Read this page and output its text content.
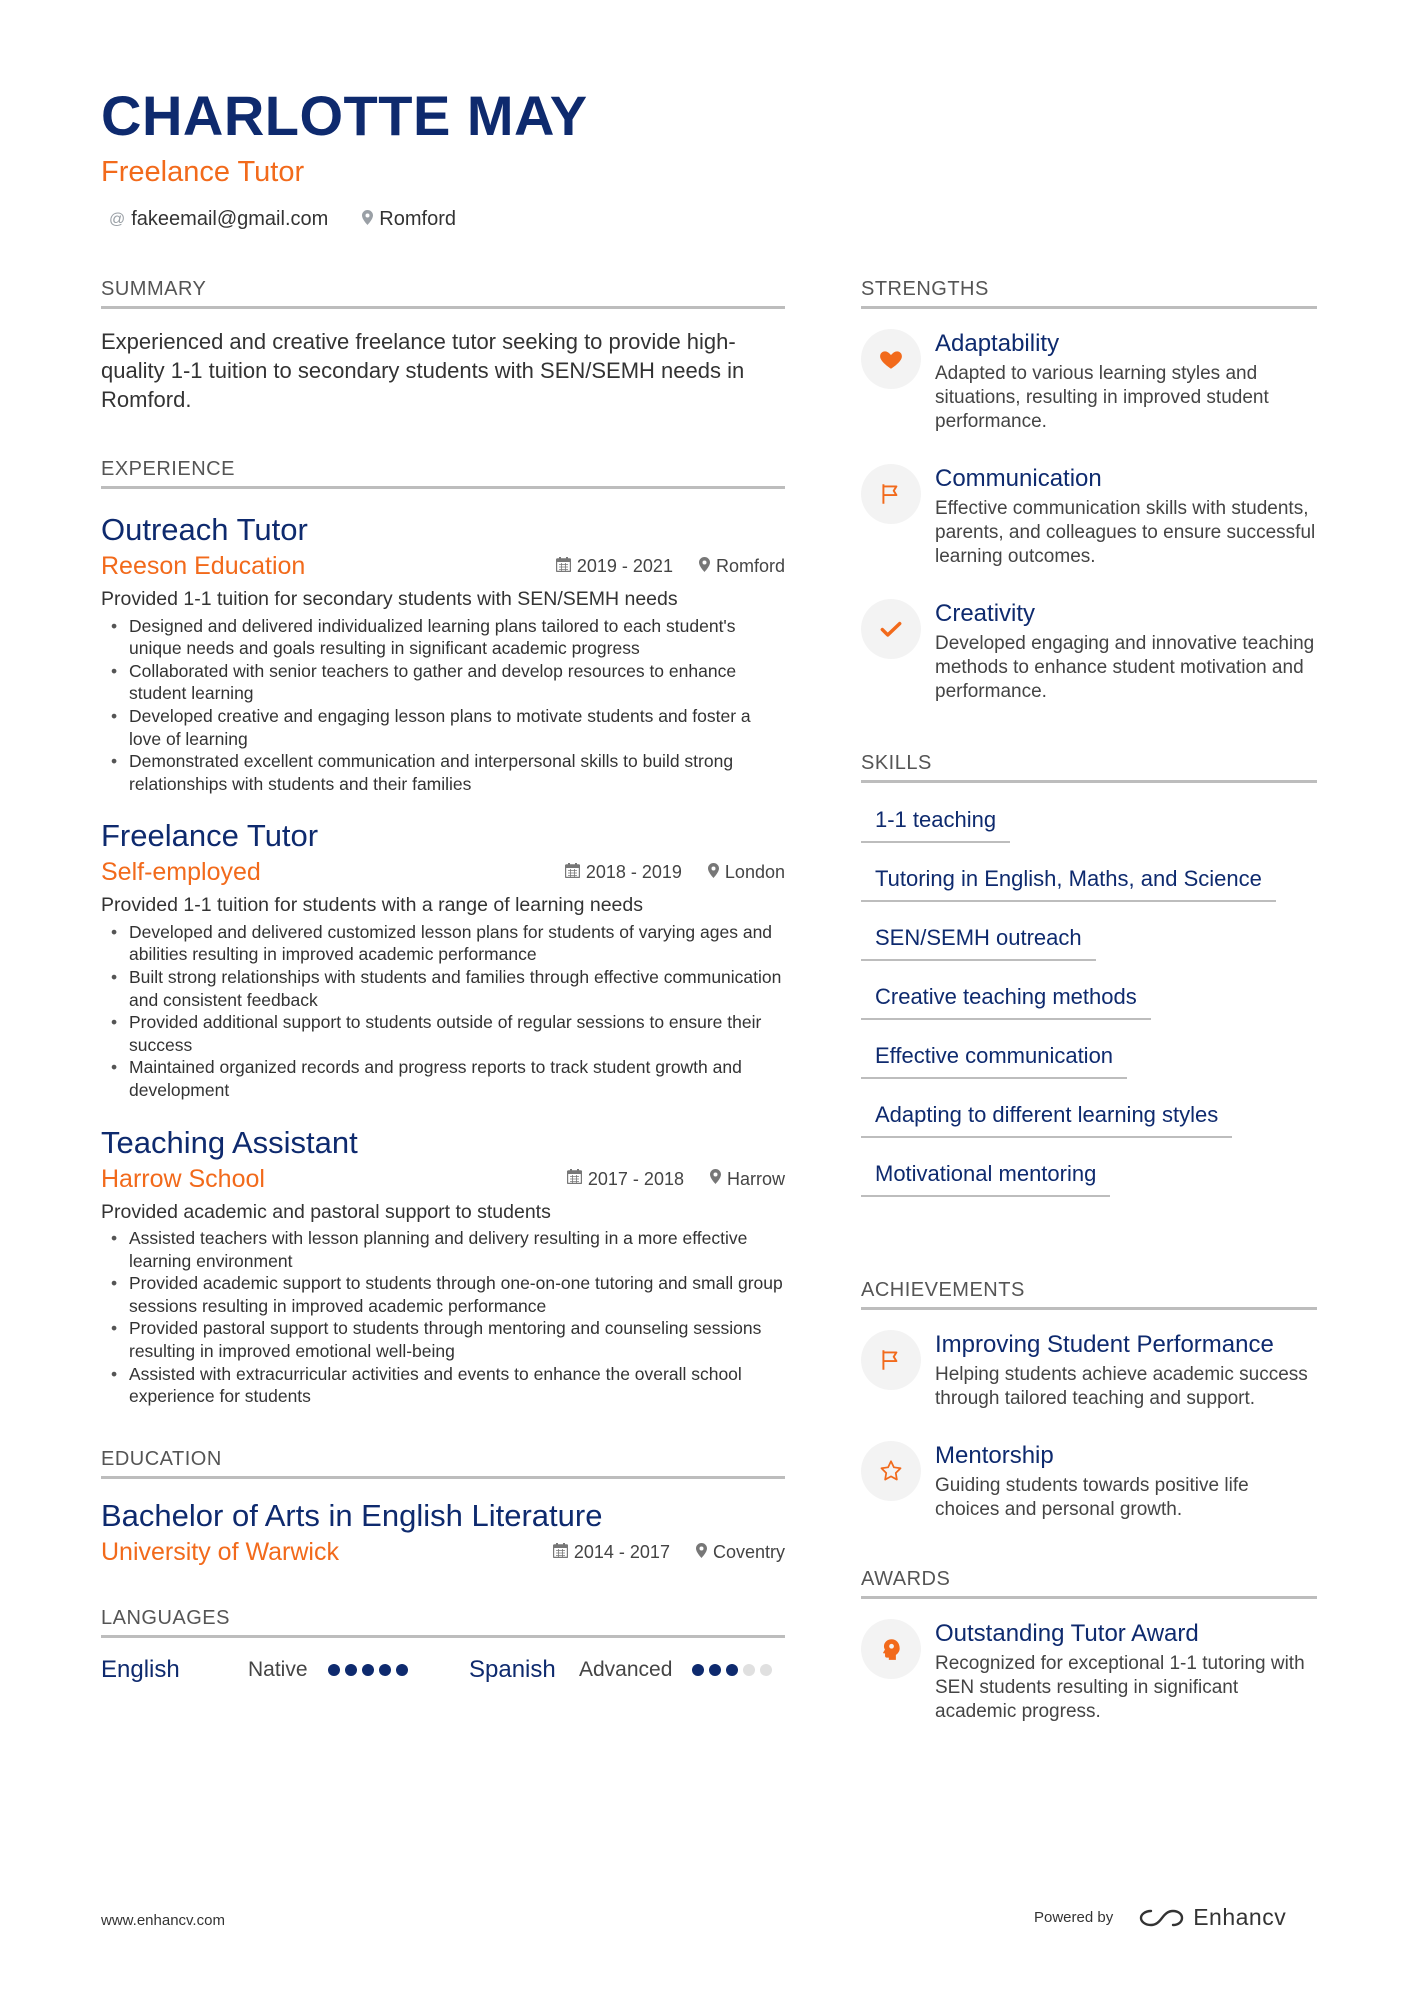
CHARLOTTE MAY
Freelance Tutor
@ fakeemail@gmail.com	Romford
SUMMARY

Experienced and creative freelance tutor seeking to provide high-quality 1-1 tuition to secondary students with SEN/SEMH needs in Romford.

EXPERIENCE
Outreach Tutor
Reeson Education	2019 - 2021 Romford
Provided 1-1 tuition for secondary students with SEN/SEMH needs
• Designed and delivered individualized learning plans tailored to each student's unique needs and goals resulting in significant academic progress
• Collaborated with senior teachers to gather and develop resources to enhance student learning
• Developed creative and engaging lesson plans to motivate students and foster a love of learning
• Demonstrated excellent communication and interpersonal skills to build strong relationships with students and their families
Freelance Tutor
Self-employed	2018 - 2019 London
Provided 1-1 tuition for students with a range of learning needs
• Developed and delivered customized lesson plans for students of varying ages and abilities resulting in improved academic performance
• Built strong relationships with students and families through effective communication and consistent feedback
• Provided additional support to students outside of regular sessions to ensure their success
• Maintained organized records and progress reports to track student growth and development
Teaching Assistant
Harrow School	2017 - 2018 Harrow
Provided academic and pastoral support to students
• Assisted teachers with lesson planning and delivery resulting in a more effective learning environment
• Provided academic support to students through one-on-one tutoring and small group sessions resulting in improved academic performance
• Provided pastoral support to students through mentoring and counseling sessions resulting in improved emotional well-being
• Assisted with extracurricular activities and events to enhance the overall school experience for students
EDUCATION
Bachelor of Arts in English Literature
University of Warwick	2014 - 2017 Coventry
LANGUAGES
English	Native	Spanish	Advanced
STRENGTHS
Adaptability
Adapted to various learning styles and situations, resulting in improved student performance.
Communication
Effective communication skills with students, parents, and colleagues to ensure successful learning outcomes.
Creativity
Developed engaging and innovative teaching methods to enhance student motivation and performance.
SKILLS
1-1 teaching
Tutoring in English, Maths, and Science
SEN/SEMH outreach
Creative teaching methods
Effective communication
Adapting to different learning styles
Motivational mentoring
ACHIEVEMENTS
Improving Student Performance
Helping students achieve academic success through tailored teaching and support.
Mentorship
Guiding students towards positive life choices and personal growth.
AWARDS
Outstanding Tutor Award
Recognized for exceptional 1-1 tutoring with SEN students resulting in significant academic progress.
www.enhancv.com	Powered by	Enhancv
